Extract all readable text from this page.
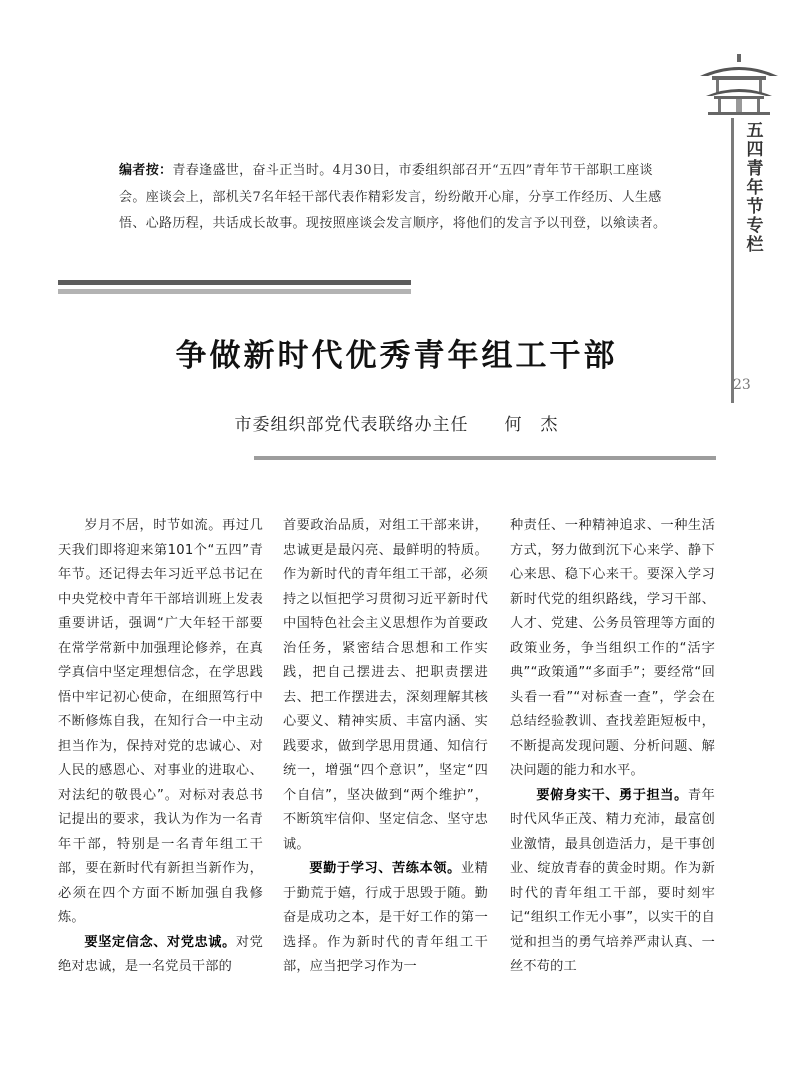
五四青年节专栏
23
编者按：青春逢盛世，奋斗正当时。4月30日，市委组织部召开“五四”青年节干部职工座谈会。座谈会上，部机关7名年轻干部代表作精彩发言，纷纷敞开心扉，分享工作经历、人生感悟、心路历程，共话成长故事。现按照座谈会发言顺序，将他们的发言予以刊登，以飨读者。
争做新时代优秀青年组工干部
市委组织部党代表联络办主任 何　杰

岁月不居，时节如流。再过几天我们即将迎来第101个“五四”青年节。还记得去年习近平总书记在中央党校中青年干部培训班上发表重要讲话，强调“广大年轻干部要在常学常新中加强理论修养，在真学真信中坚定理想信念，在学思践悟中牢记初心使命，在细照笃行中不断修炼自我，在知行合一中主动担当作为，保持对党的忠诚心、对人民的感恩心、对事业的进取心、对法纪的敬畏心”。对标对表总书记提出的要求，我认为作为一名青年干部，特别是一名青年组工干部，要在新时代有新担当新作为，必须在四个方面不断加强自我修炼。

要坚定信念、对党忠诚。对党绝对忠诚，是一名党员干部的

首要政治品质，对组工干部来讲，忠诚更是最闪亮、最鲜明的特质。作为新时代的青年组工干部，必须持之以恒把学习贯彻习近平新时代中国特色社会主义思想作为首要政治任务，紧密结合思想和工作实践，把自己摆进去、把职责摆进去、把工作摆进去，深刻理解其核心要义、精神实质、丰富内涵、实践要求，做到学思用贯通、知信行统一，增强“四个意识”，坚定“四个自信”，坚决做到“两个维护”，不断筑牢信仰、坚定信念、坚守忠诚。

要勤于学习、苦练本领。业精于勤荒于嬉，行成于思毁于随。勤奋是成功之本，是干好工作的第一选择。作为新时代的青年组工干部，应当把学习作为一

种责任、一种精神追求、一种生活方式，努力做到沉下心来学、静下心来思、稳下心来干。要深入学习新时代党的组织路线，学习干部、人才、党建、公务员管理等方面的政策业务，争当组织工作的“活字典”“政策通”“多面手”；要经常“回头看一看”“对标查一查”，学会在总结经验教训、查找差距短板中，不断提高发现问题、分析问题、解决问题的能力和水平。

要俯身实干、勇于担当。青年时代风华正茂、精力充沛，最富创业激情，最具创造活力，是干事创业、绽放青春的黄金时期。作为新时代的青年组工干部，要时刻牢记“组织工作无小事”，以实干的自觉和担当的勇气培养严肃认真、一丝不苟的工
